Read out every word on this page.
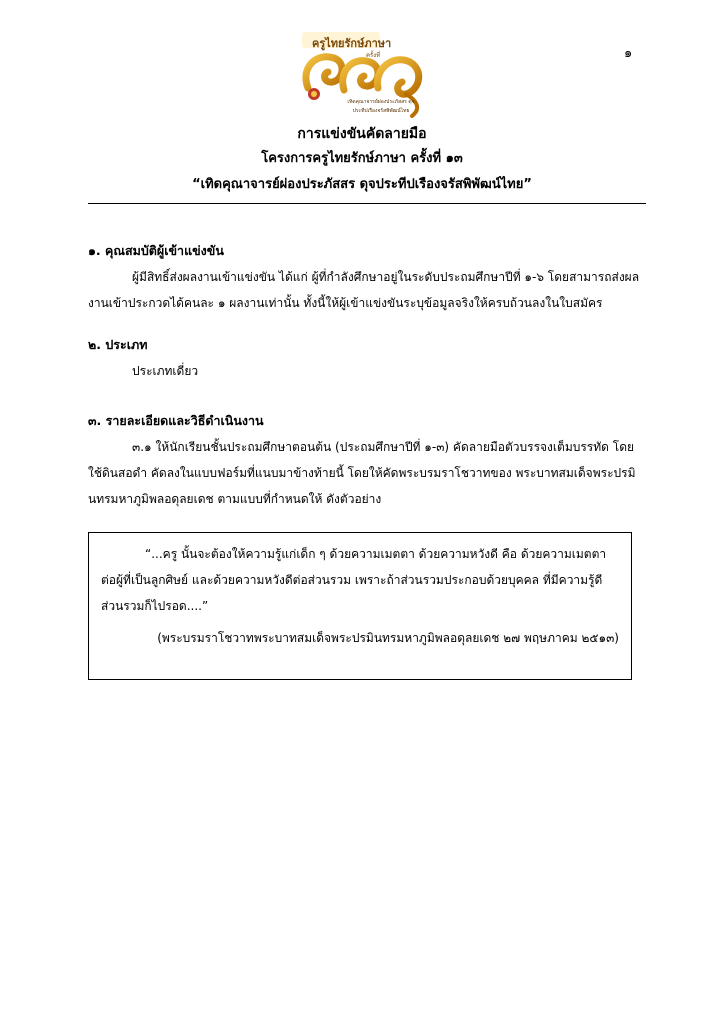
๑
ครูไทยรักษ์ภาษา
ครั้งที่
เทิดคุณาจารย์ผ่องประภัสสร ดุจประทีปเรืองจรัสพิพัฒน์ไทย

การแข่งขันคัดลายมือ

โครงการครูไทยรักษ์ภาษา ครั้งที่ ๑๓

“เทิดคุณาจารย์ผ่องประภัสสร ดุจประทีปเรืองจรัสพิพัฒน์ไทย”

๑. คุณสมบัติผู้เข้าแข่งขัน

ผู้มีสิทธิ์ส่งผลงานเข้าแข่งขัน ได้แก่ ผู้ที่กำลังศึกษาอยู่ในระดับประถมศึกษาปีที่ ๑-๖ โดยสามารถส่งผลงานเข้าประกวดได้คนละ ๑ ผลงานเท่านั้น ทั้งนี้ให้ผู้เข้าแข่งขันระบุข้อมูลจริงให้ครบถ้วนลงในใบสมัคร

๒. ประเภท

ประเภทเดี่ยว

๓. รายละเอียดและวิธีดำเนินงาน

๓.๑ ให้นักเรียนชั้นประถมศึกษาตอนต้น (ประถมศึกษาปีที่ ๑-๓) คัดลายมือตัวบรรจงเต็มบรรทัด โดยใช้ดินสอดำ คัดลงในแบบฟอร์มที่แนบมาข้างท้ายนี้ โดยให้คัดพระบรมราโชวาทของ พระบาทสมเด็จพระปรมินทรมหาภูมิพลอดุลยเดช ตามแบบที่กำหนดให้ ดังตัวอย่าง

“...ครู นั้นจะต้องให้ความรู้แก่เด็ก ๆ ด้วยความเมตตา ด้วยความหวังดี คือ ด้วยความเมตตาต่อผู้ที่เป็นลูกศิษย์ และด้วยความหวังดีต่อส่วนรวม เพราะถ้าส่วนรวมประกอบด้วยบุคคล ที่มีความรู้ดีส่วนรวมก็ไปรอด....”

(พระบรมราโชวาทพระบาทสมเด็จพระปรมินทรมหาภูมิพลอดุลยเดช ๒๗ พฤษภาคม ๒๕๑๓)
